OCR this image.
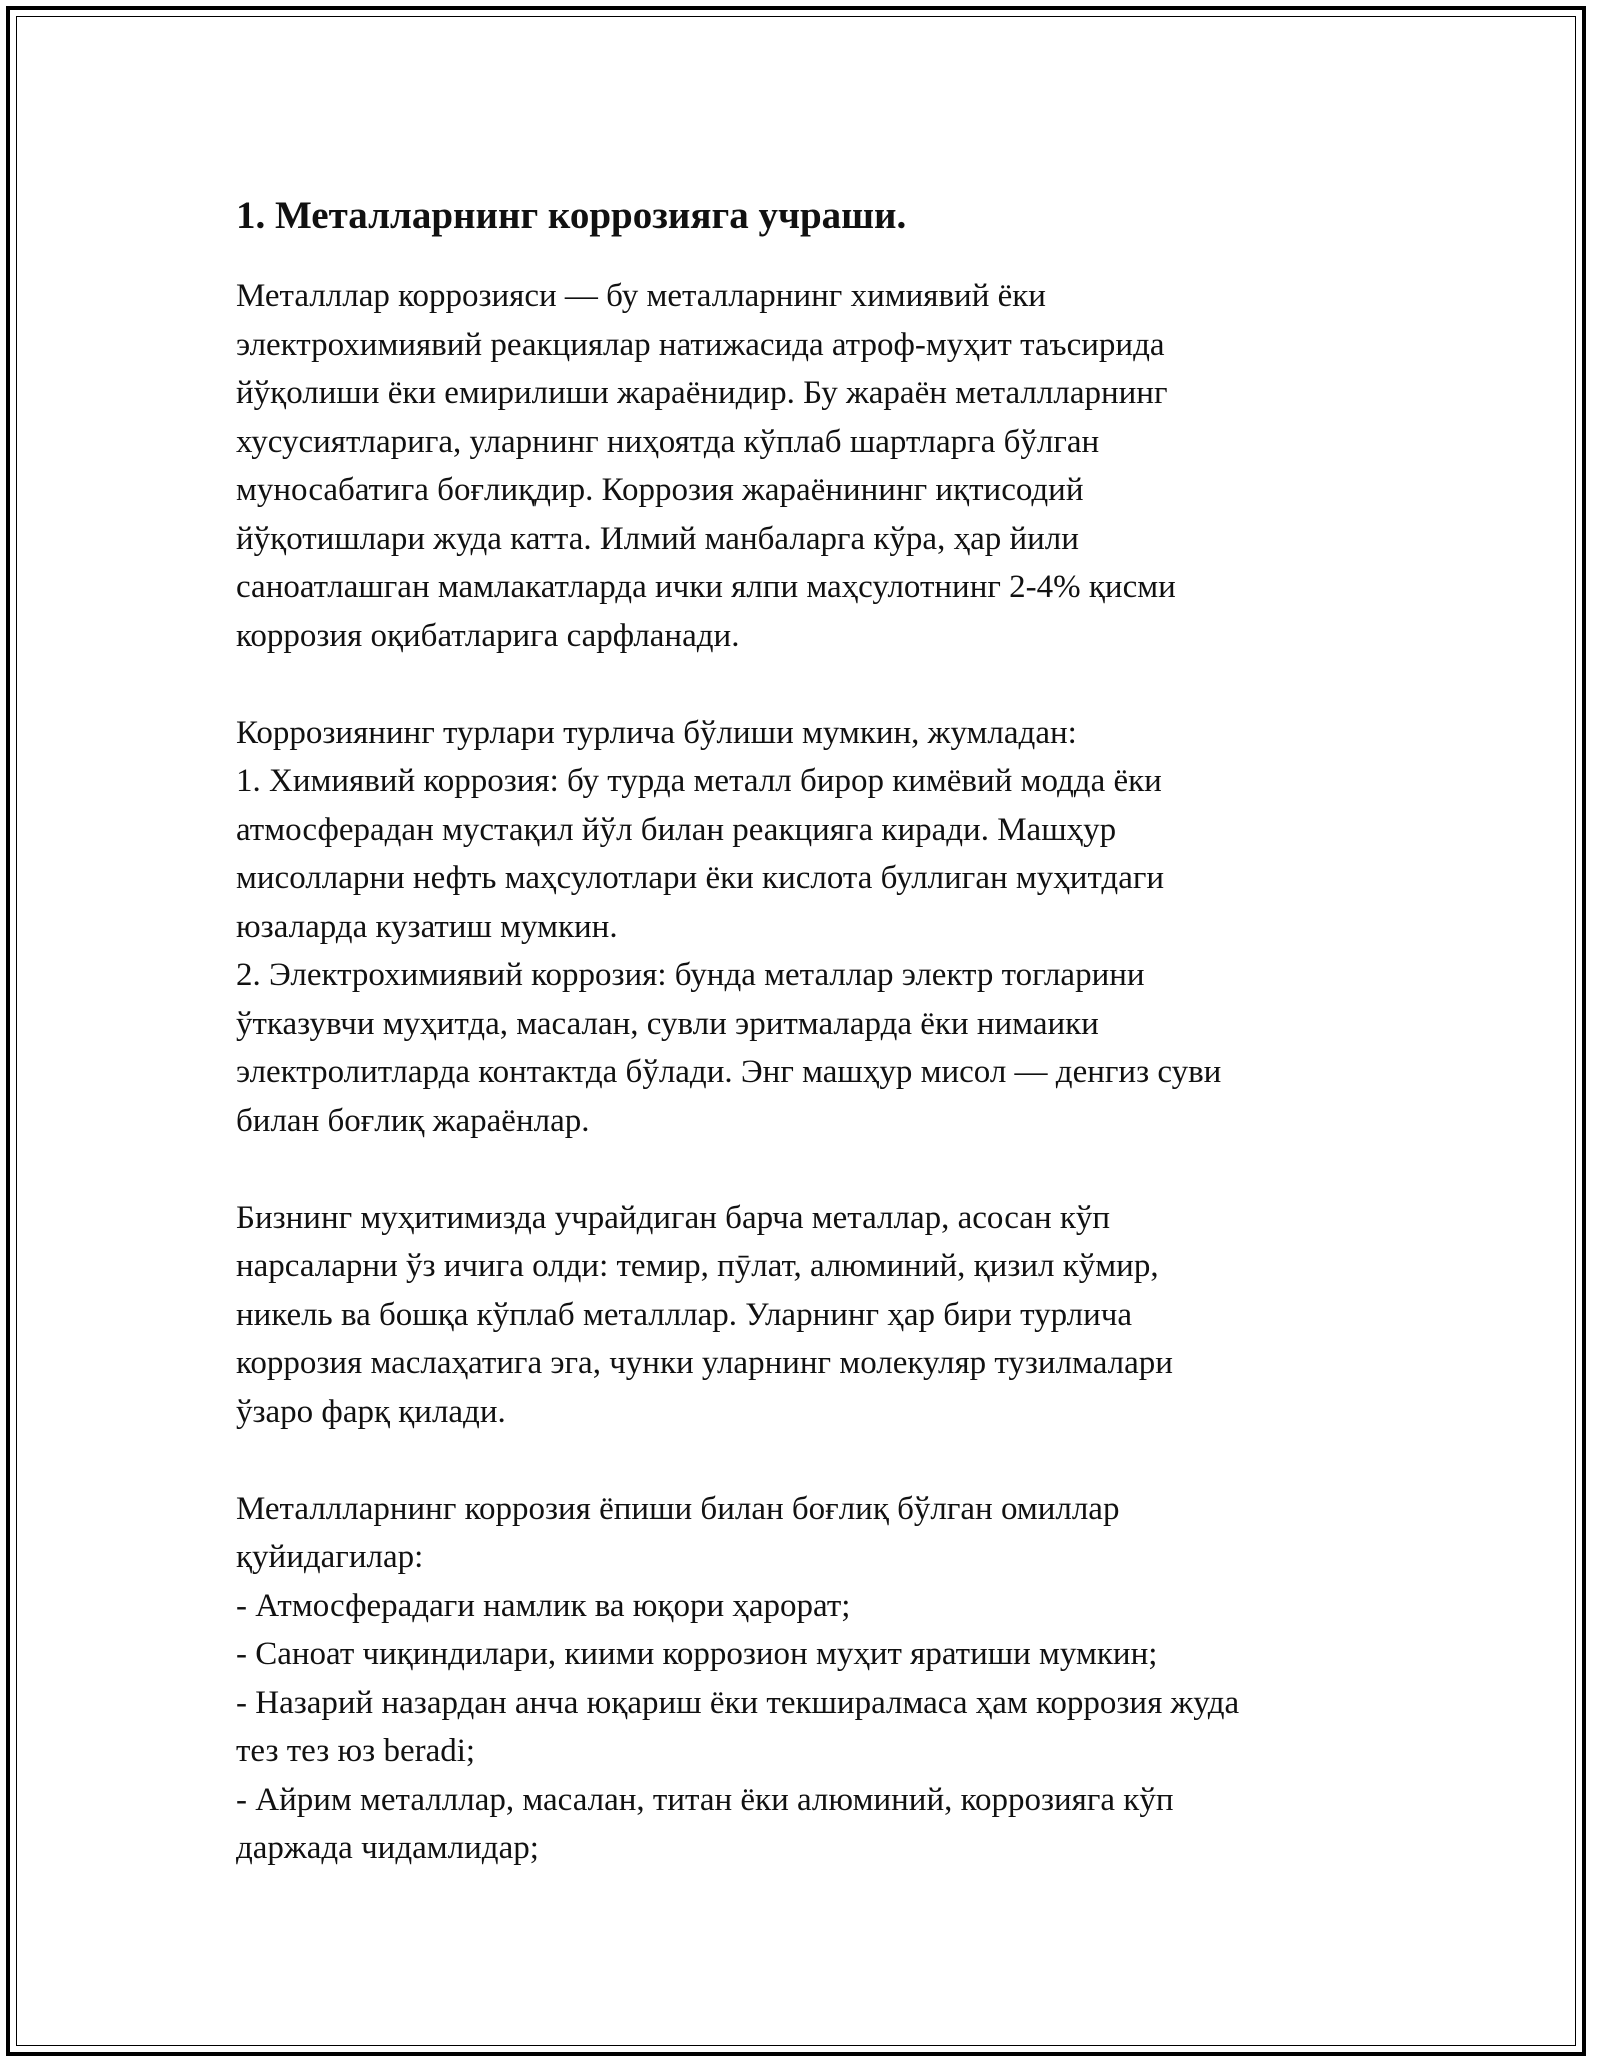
1. Металларнинг коррозияга учраши.

Металллар коррозияси — бу металларнинг химиявий ёки
электрохимиявий реакциялар натижасида атроф-муҳит таъсирида
йўқолиши ёки емирилиши жараёнидир. Бу жараён металлларнинг
хусусиятларига, уларнинг ниҳоятда кўплаб шартларга бўлган
муносабатига боғлиқдир. Коррозия жараёнининг иқтисодий
йўқотишлари жуда катта. Илмий манбаларга кўра, ҳар йили
саноатлашган мамлакатларда ички ялпи маҳсулотнинг 2-4% қисми
коррозия оқибатларига сарфланади.

Коррозиянинг турлари турлича бўлиши мумкин, жумладан:
1. Химиявий коррозия: бу турда металл бирор кимёвий модда ёки
атмосферадан мустақил йўл билан реакцияга киради. Машҳур
мисолларни нефть маҳсулотлари ёки кислота буллиган муҳитдаги
юзаларда кузатиш мумкин.
2. Электрохимиявий коррозия: бунда металлар электр тогларини
ўтказувчи муҳитда, масалан, сувли эритмаларда ёки нимаики
электролитларда контактда бўлади. Энг машҳур мисол — денгиз суви
билан боғлиқ жараёнлар.

Бизнинг муҳитимизда учрайдиган барча металлар, асосан кўп
нарсаларни ўз ичига олди: темир, пӯлат, алюминий, қизил кўмир,
никель ва бошқа кўплаб металллар. Уларнинг ҳар бири турлича
коррозия маслаҳатига эга, чунки уларнинг молекуляр тузилмалари
ўзаро фарқ қилади.

Металлларнинг коррозия ёпиши билан боғлиқ бўлган омиллар
қуйидагилар:
- Атмосферадаги намлик ва юқори ҳарорат;
- Саноат чиқиндилари, киими коррозион муҳит яратиши мумкин;
- Назарий назардан анча юқариш ёки текширалмаса ҳам коррозия жуда
тез тез юз beradi;
- Айрим металллар, масалан, титан ёки алюминий, коррозияга кўп
даржада чидамлидар;
